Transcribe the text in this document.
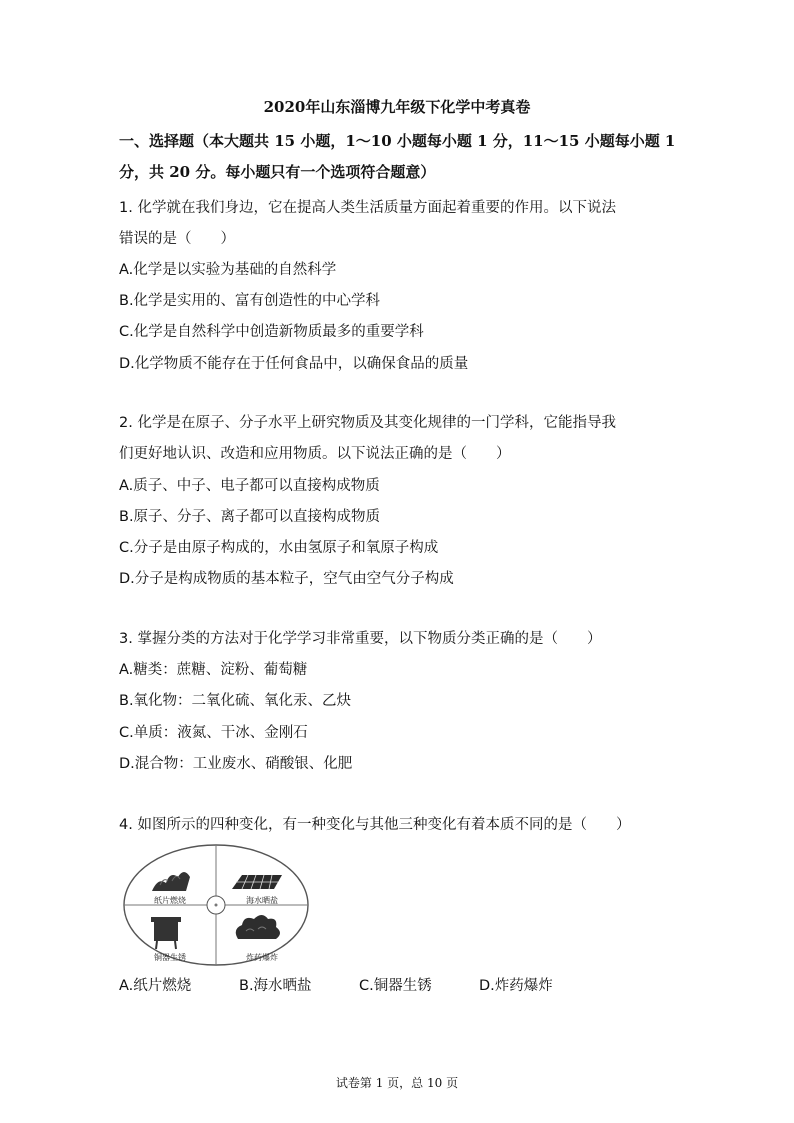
2020年山东淄博九年级下化学中考真卷
一、选择题（本大题共 15 小题，1～10 小题每小题 1 分，11～15 小题每小题 1
分，共 20 分。每小题只有一个选项符合题意）
1. 化学就在我们身边，它在提高人类生活质量方面起着重要的作用。以下说法
错误的是（　　）
A.化学是以实验为基础的自然科学
B.化学是实用的、富有创造性的中心学科
C.化学是自然科学中创造新物质最多的重要学科
D.化学物质不能存在于任何食品中，以确保食品的质量
2. 化学是在原子、分子水平上研究物质及其变化规律的一门学科，它能指导我
们更好地认识、改造和应用物质。以下说法正确的是（　　）
A.质子、中子、电子都可以直接构成物质
B.原子、分子、离子都可以直接构成物质
C.分子是由原子构成的，水由氢原子和氧原子构成
D.分子是构成物质的基本粒子，空气由空气分子构成
3. 掌握分类的方法对于化学学习非常重要，以下物质分类正确的是（　　）
A.糖类：蔗糖、淀粉、葡萄糖
B.氧化物：二氧化硫、氧化汞、乙炔
C.单质：液氮、干冰、金刚石
D.混合物：工业废水、硝酸银、化肥
4. 如图所示的四种变化，有一种变化与其他三种变化有着本质不同的是（　　）
纸片燃烧	海水晒盐
铜器生锈	炸药爆炸
A.纸片燃烧	B.海水晒盐	C.铜器生锈	D.炸药爆炸
试卷第 1 页，总 10 页
